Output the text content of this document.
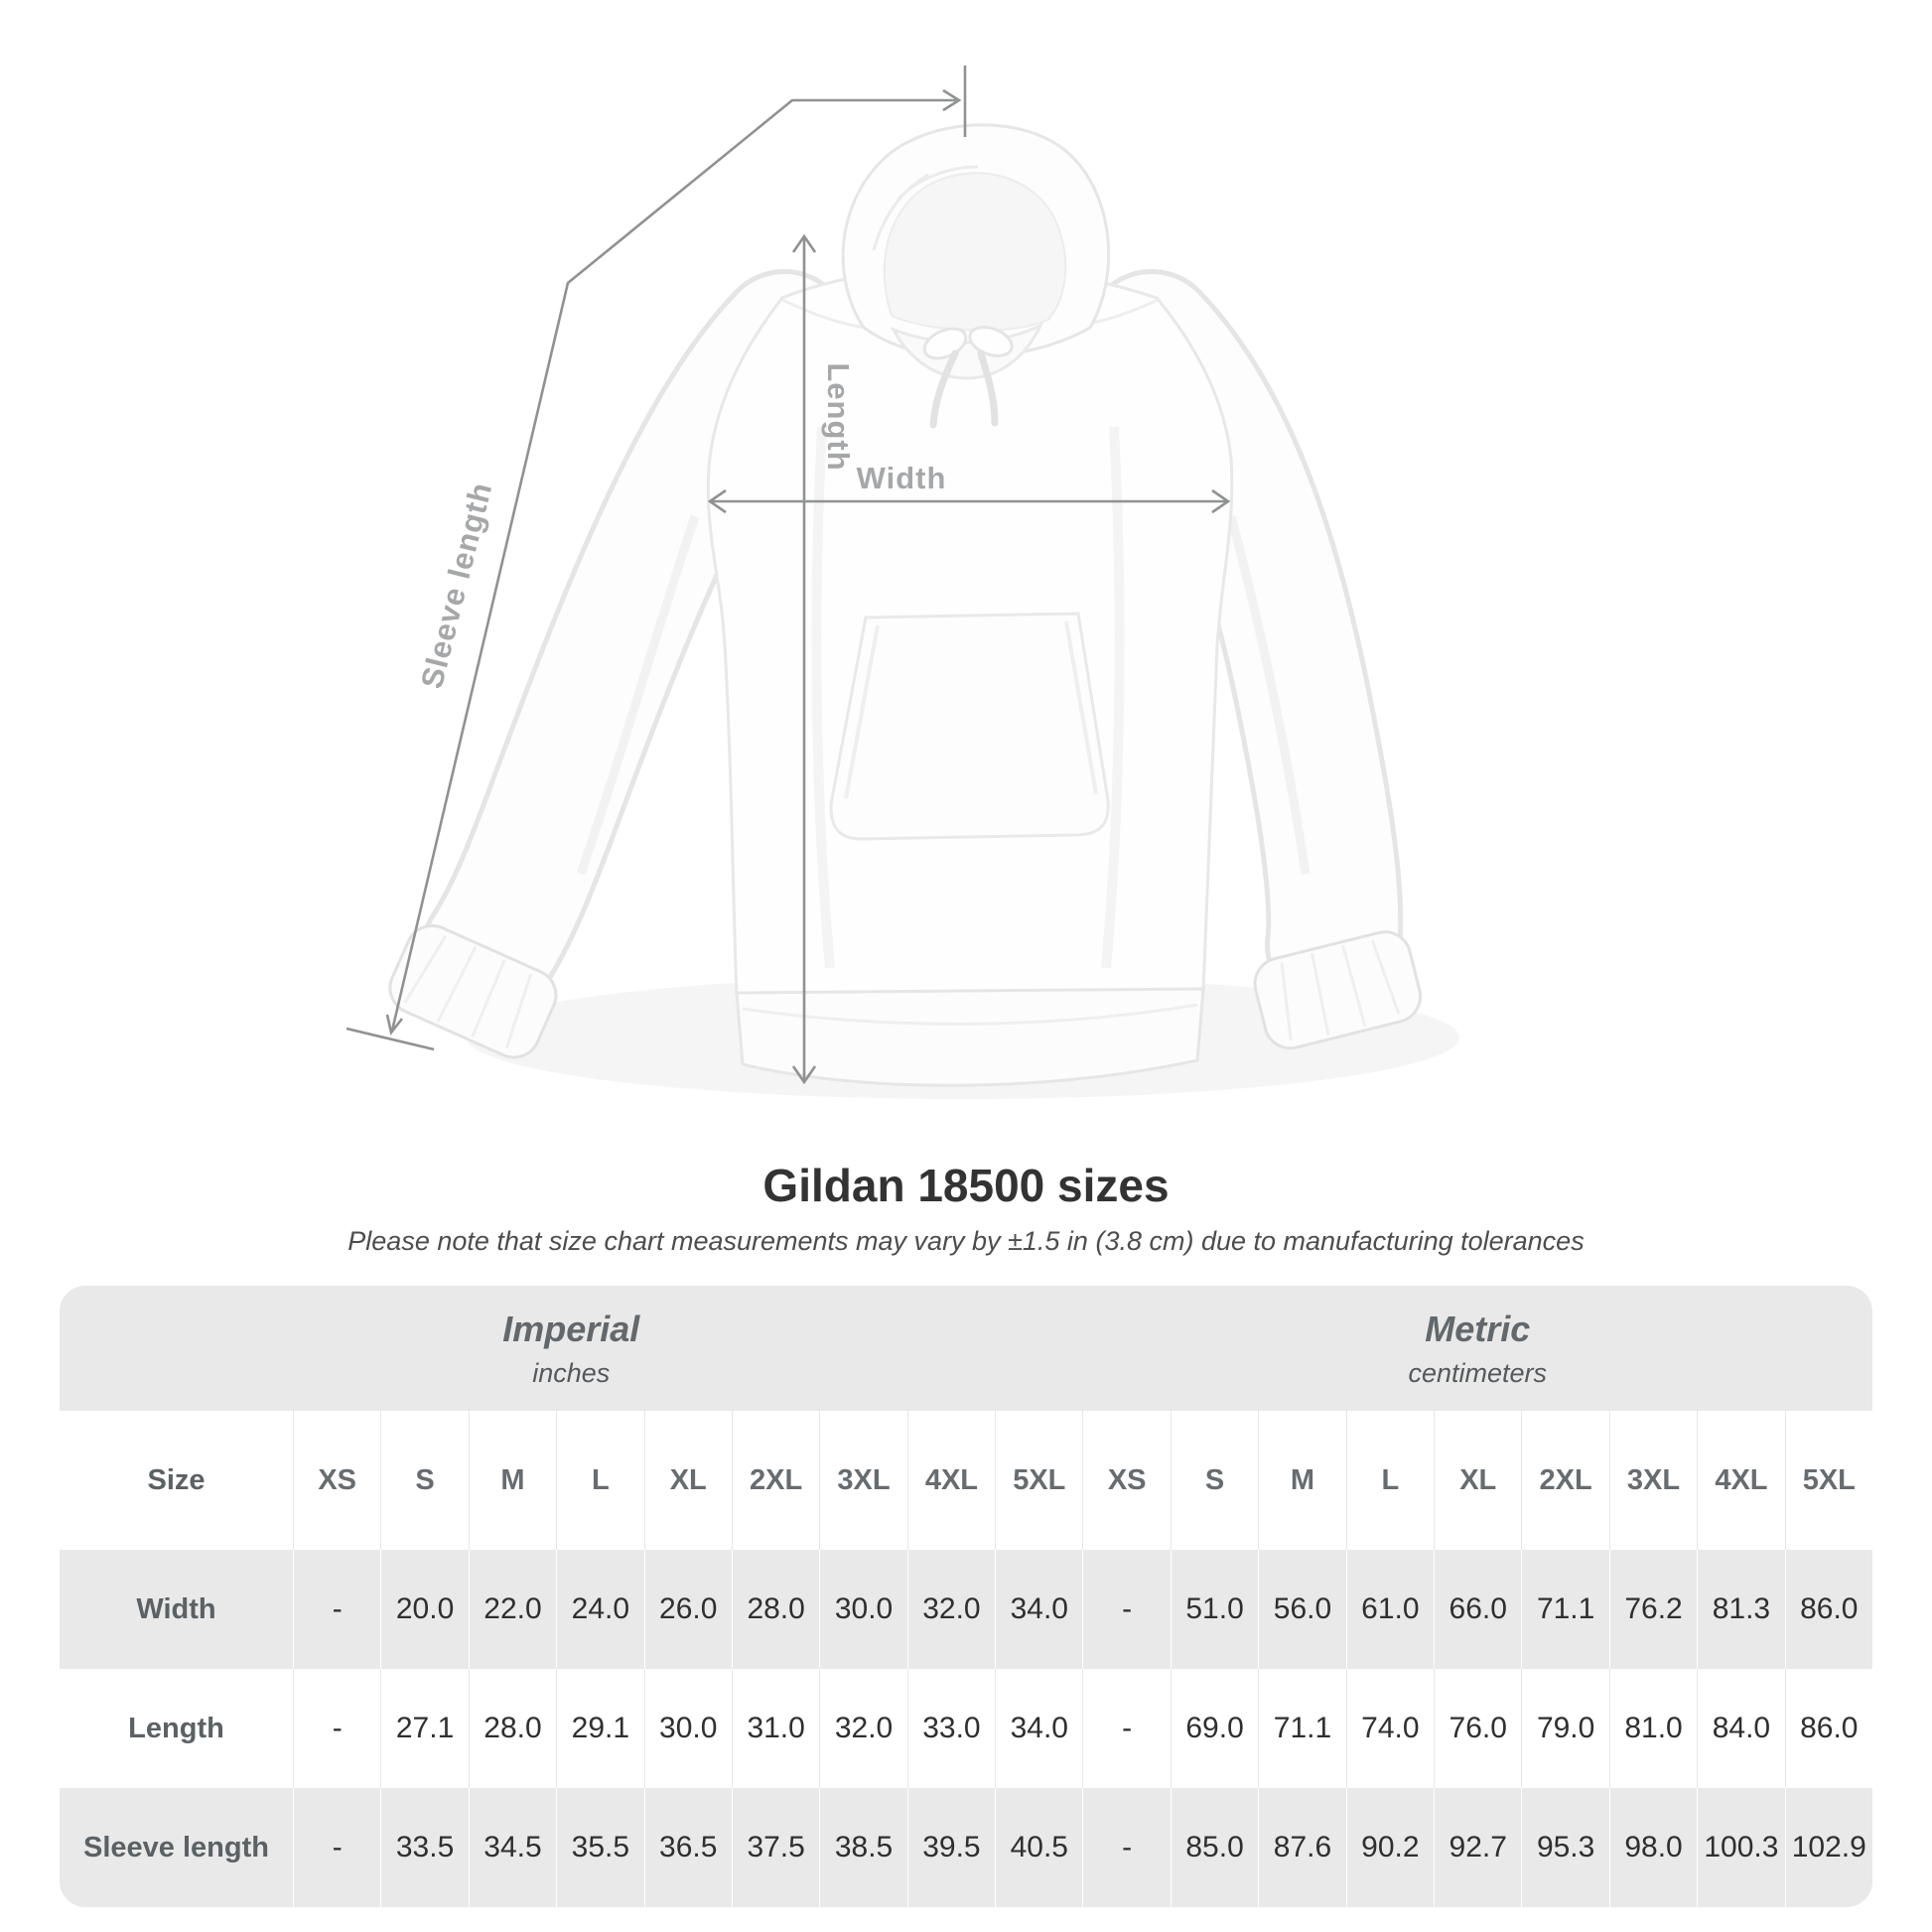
Length
Width
Sleeve length
Gildan 18500 sizes
Please note that size chart measurements may vary by ±1.5 in (3.8 cm) due to manufacturing tolerances
Imperial
inches
Metric
centimeters
Size	XS	S	M	L	XL	2XL	3XL	4XL	5XL	XS	S	M	L	XL	2XL	3XL	4XL	5XL
Width	-	20.0	22.0	24.0	26.0	28.0	30.0	32.0 34.0	-	51.0	56.0	61.0	66.0	71.1	76.2	81.3 86.0
Length	-	27.1	28.0	29.1	30.0	31.0	32.0	33.0 34.0	-	69.0	71.1	74.0	76.0	79.0	81.0	84.0 86.0
Sleeve length	-	33.5	34.5	35.5	36.5	37.5	38.5	39.5 40.5	-	85.0	87.6	90.2	92.7	95.3	98.0 100.3 102.9
